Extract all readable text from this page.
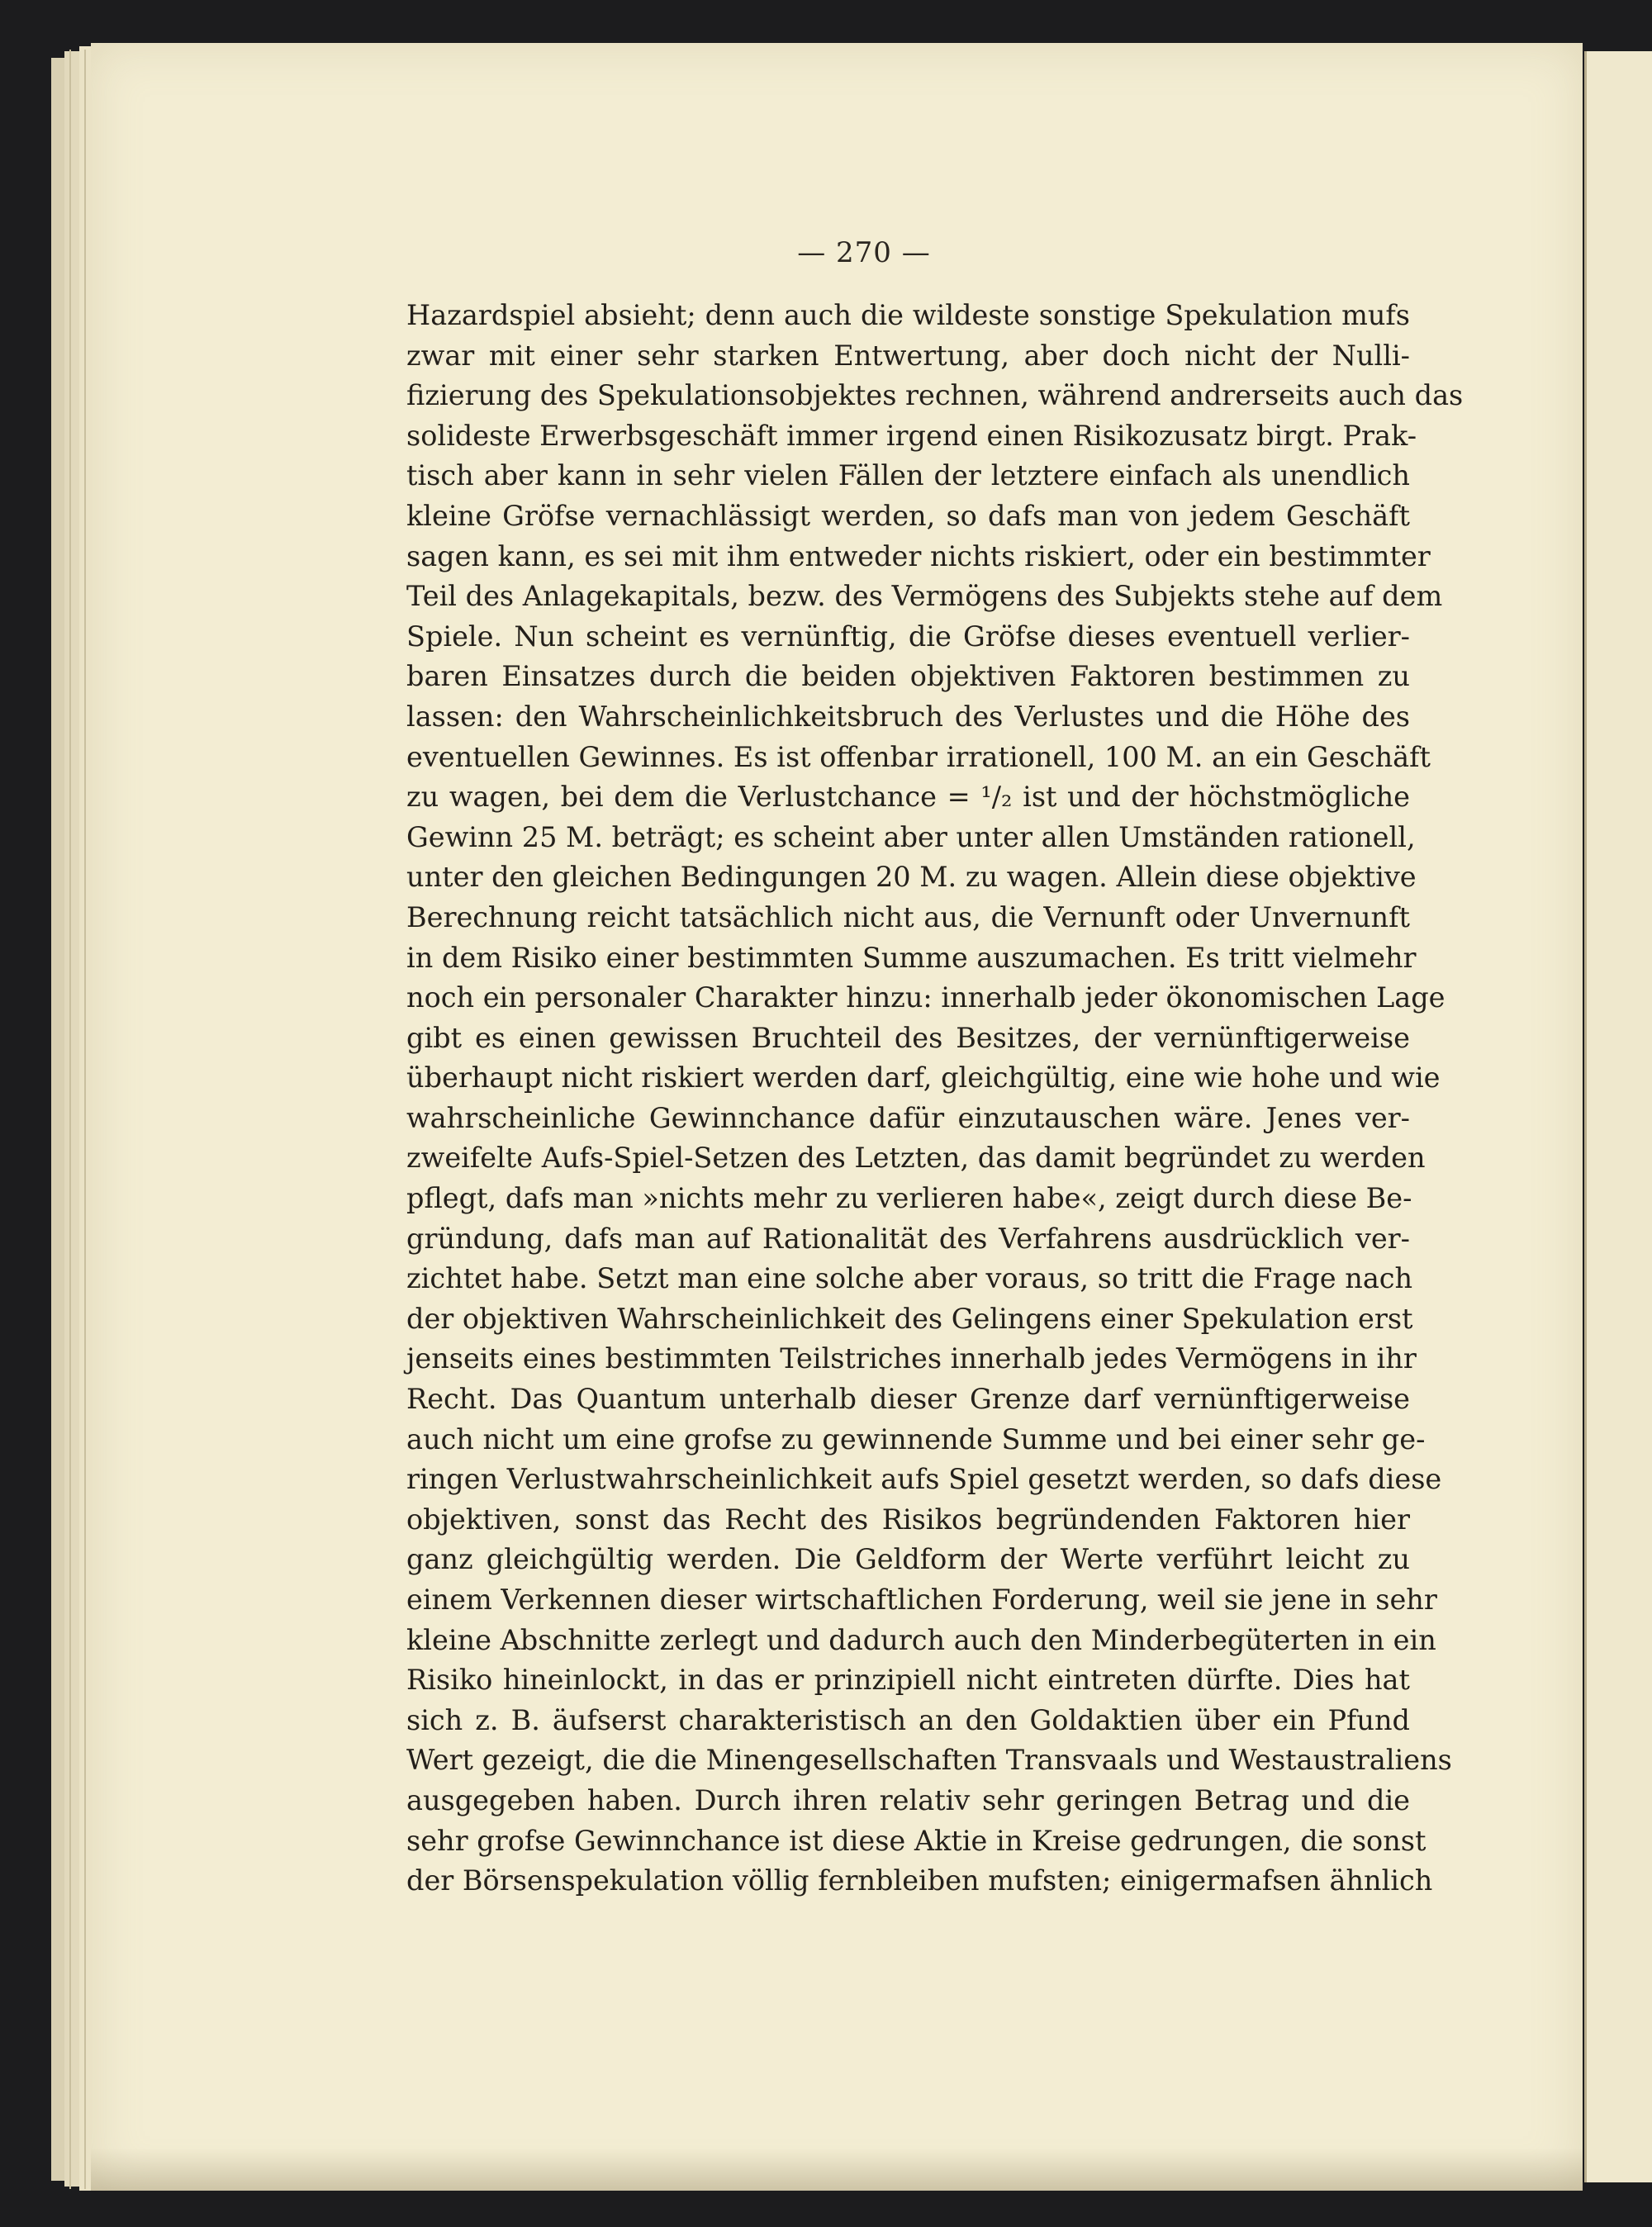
— 270 —
Hazardspiel absieht; denn auch die wildeste sonstige Spekulation mufs
zwar mit einer sehr starken Entwertung, aber doch nicht der Nulli-
fizierung des Spekulationsobjektes rechnen, während andrerseits auch das
solideste Erwerbsgeschäft immer irgend einen Risikozusatz birgt. Prak-
tisch aber kann in sehr vielen Fällen der letztere einfach als unendlich
kleine Gröfse vernachlässigt werden, so dafs man von jedem Geschäft
sagen kann, es sei mit ihm entweder nichts riskiert, oder ein bestimmter
Teil des Anlagekapitals, bezw. des Vermögens des Subjekts stehe auf dem
Spiele. Nun scheint es vernünftig, die Gröfse dieses eventuell verlier-
baren Einsatzes durch die beiden objektiven Faktoren bestimmen zu
lassen: den Wahrscheinlichkeitsbruch des Verlustes und die Höhe des
eventuellen Gewinnes. Es ist offenbar irrationell, 100 M. an ein Geschäft
zu wagen, bei dem die Verlustchance = ¹/₂ ist und der höchstmögliche
Gewinn 25 M. beträgt; es scheint aber unter allen Umständen rationell,
unter den gleichen Bedingungen 20 M. zu wagen. Allein diese objektive
Berechnung reicht tatsächlich nicht aus, die Vernunft oder Unvernunft
in dem Risiko einer bestimmten Summe auszumachen. Es tritt vielmehr
noch ein personaler Charakter hinzu: innerhalb jeder ökonomischen Lage
gibt es einen gewissen Bruchteil des Besitzes, der vernünftigerweise
überhaupt nicht riskiert werden darf, gleichgültig, eine wie hohe und wie
wahrscheinliche Gewinnchance dafür einzutauschen wäre. Jenes ver-
zweifelte Aufs-Spiel-Setzen des Letzten, das damit begründet zu werden
pflegt, dafs man »nichts mehr zu verlieren habe«, zeigt durch diese Be-
gründung, dafs man auf Rationalität des Verfahrens ausdrücklich ver-
zichtet habe. Setzt man eine solche aber voraus, so tritt die Frage nach
der objektiven Wahrscheinlichkeit des Gelingens einer Spekulation erst
jenseits eines bestimmten Teilstriches innerhalb jedes Vermögens in ihr
Recht. Das Quantum unterhalb dieser Grenze darf vernünftigerweise
auch nicht um eine grofse zu gewinnende Summe und bei einer sehr ge-
ringen Verlustwahrscheinlichkeit aufs Spiel gesetzt werden, so dafs diese
objektiven, sonst das Recht des Risikos begründenden Faktoren hier
ganz gleichgültig werden. Die Geldform der Werte verführt leicht zu
einem Verkennen dieser wirtschaftlichen Forderung, weil sie jene in sehr
kleine Abschnitte zerlegt und dadurch auch den Minderbegüterten in ein
Risiko hineinlockt, in das er prinzipiell nicht eintreten dürfte. Dies hat
sich z. B. äufserst charakteristisch an den Goldaktien über ein Pfund
Wert gezeigt, die die Minengesellschaften Transvaals und Westaustraliens
ausgegeben haben. Durch ihren relativ sehr geringen Betrag und die
sehr grofse Gewinnchance ist diese Aktie in Kreise gedrungen, die sonst
der Börsenspekulation völlig fernbleiben mufsten; einigermafsen ähnlich
